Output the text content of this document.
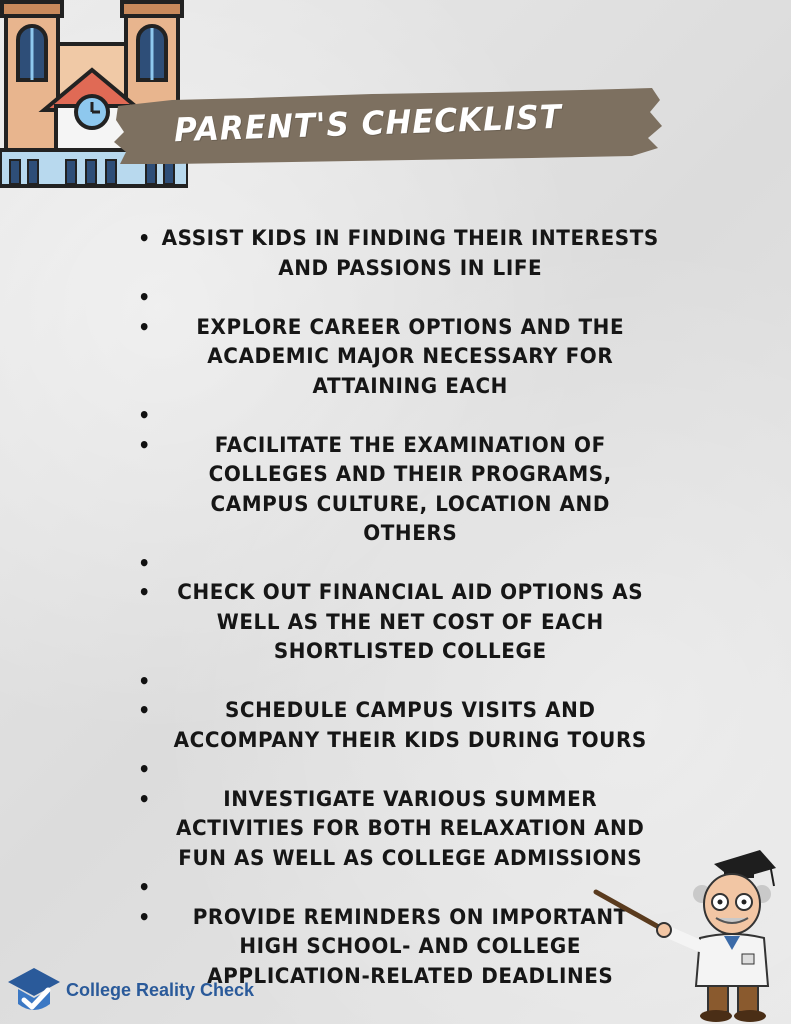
PARENT'S CHECKLIST
• ASSIST KIDS IN FINDING THEIR INTERESTS AND PASSIONS IN LIFE
•
• EXPLORE CAREER OPTIONS AND THE ACADEMIC MAJOR NECESSARY FOR ATTAINING EACH
•
•	FACILITATE THE EXAMINATION OF COLLEGES AND THEIR PROGRAMS, CAMPUS CULTURE, LOCATION AND OTHERS
•
• CHECK OUT FINANCIAL AID OPTIONS AS WELL AS THE NET COST OF EACH SHORTLISTED COLLEGE
•
•	SCHEDULE CAMPUS VISITS AND ACCOMPANY THEIR KIDS DURING TOURS
•
•	INVESTIGATE VARIOUS SUMMER ACTIVITIES FOR BOTH RELAXATION AND FUN AS WELL AS COLLEGE ADMISSIONS
•
• PROVIDE REMINDERS ON IMPORTANT HIGH SCHOOL- AND COLLEGE APPLICATION-RELATED DEADLINES
College Reality Check
